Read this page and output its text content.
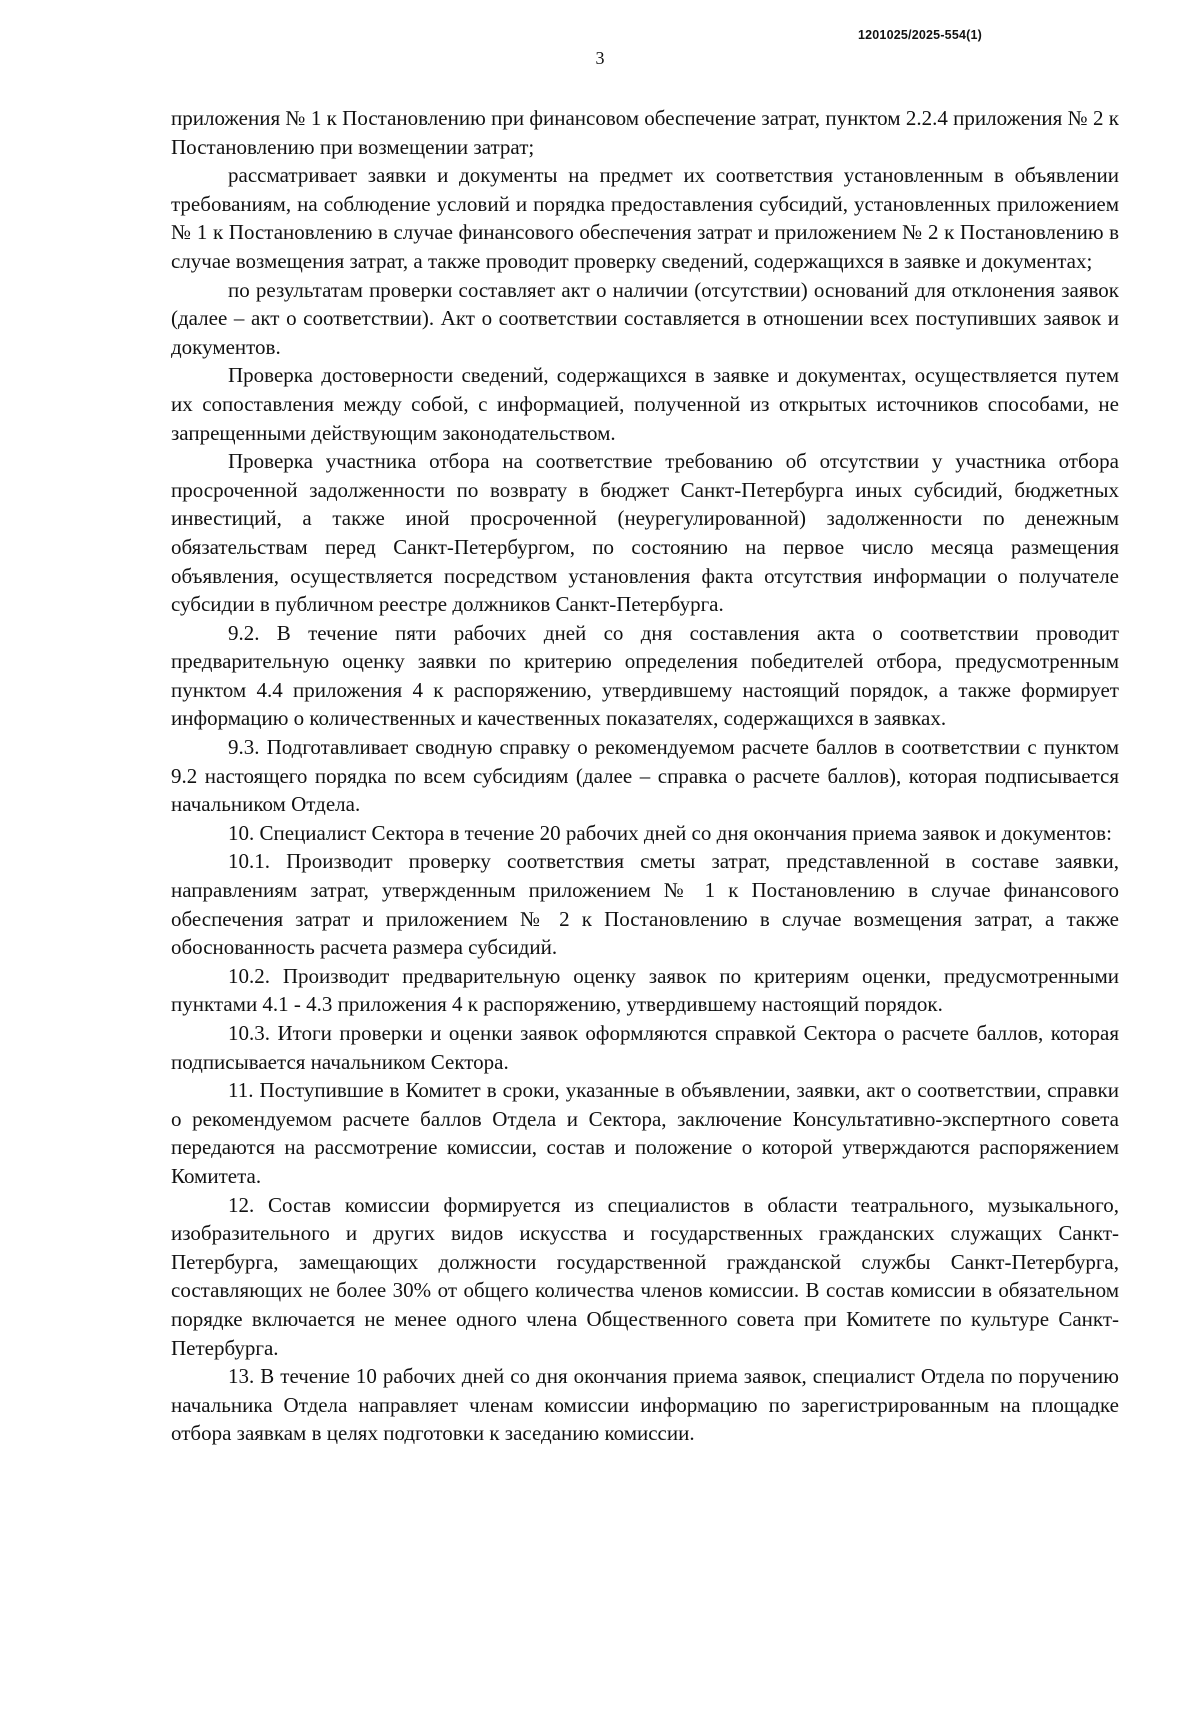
1201025/2025-554(1)
3

приложения № 1 к Постановлению при финансовом обеспечение затрат, пунктом 2.2.4 приложения № 2 к Постановлению при возмещении затрат;

рассматривает заявки и документы на предмет их соответствия установленным в объявлении требованиям, на соблюдение условий и порядка предоставления субсидий, установленных приложением № 1 к Постановлению в случае финансового обеспечения затрат и приложением № 2 к Постановлению в случае возмещения затрат, а также проводит проверку сведений, содержащихся в заявке и документах;

по результатам проверки составляет акт о наличии (отсутствии) оснований для отклонения заявок (далее – акт о соответствии). Акт о соответствии составляется в отношении всех поступивших заявок и документов.

Проверка достоверности сведений, содержащихся в заявке и документах, осуществляется путем их сопоставления между собой, с информацией, полученной из открытых источников способами, не запрещенными действующим законодательством.

Проверка участника отбора на соответствие требованию об отсутствии у участника отбора просроченной задолженности по возврату в бюджет Санкт-Петербурга иных субсидий, бюджетных инвестиций, а также иной просроченной (неурегулированной) задолженности по денежным обязательствам перед Санкт-Петербургом, по состоянию на первое число месяца размещения объявления, осуществляется посредством установления факта отсутствия информации о получателе субсидии в публичном реестре должников Санкт-Петербурга.

9.2. В течение пяти рабочих дней со дня составления акта о соответствии проводит предварительную оценку заявки по критерию определения победителей отбора, предусмотренным пунктом 4.4 приложения 4 к распоряжению, утвердившему настоящий порядок, а также формирует информацию о количественных и качественных показателях, содержащихся в заявках.

9.3. Подготавливает сводную справку о рекомендуемом расчете баллов в соответствии с пунктом 9.2 настоящего порядка по всем субсидиям (далее – справка о расчете баллов), которая подписывается начальником Отдела.

10. Специалист Сектора в течение 20 рабочих дней со дня окончания приема заявок и документов:

10.1. Производит проверку соответствия сметы затрат, представленной в составе заявки, направлениям затрат, утвержденным приложением № 1 к Постановлению в случае финансового обеспечения затрат и приложением № 2 к Постановлению в случае возмещения затрат, а также обоснованность расчета размера субсидий.

10.2. Производит предварительную оценку заявок по критериям оценки, предусмотренными пунктами 4.1 - 4.3 приложения 4 к распоряжению, утвердившему настоящий порядок.

10.3. Итоги проверки и оценки заявок оформляются справкой Сектора о расчете баллов, которая подписывается начальником Сектора.

11. Поступившие в Комитет в сроки, указанные в объявлении, заявки, акт о соответствии, справки о рекомендуемом расчете баллов Отдела и Сектора, заключение Консультативно-экспертного совета передаются на рассмотрение комиссии, состав и положение о которой утверждаются распоряжением Комитета.

12. Состав комиссии формируется из специалистов в области театрального, музыкального, изобразительного и других видов искусства и государственных гражданских служащих Санкт-Петербурга, замещающих должности государственной гражданской службы Санкт-Петербурга, составляющих не более 30% от общего количества членов комиссии. В состав комиссии в обязательном порядке включается не менее одного члена Общественного совета при Комитете по культуре Санкт-Петербурга.

13. В течение 10 рабочих дней со дня окончания приема заявок, специалист Отдела по поручению начальника Отдела направляет членам комиссии информацию по зарегистрированным на площадке отбора заявкам в целях подготовки к заседанию комиссии.
